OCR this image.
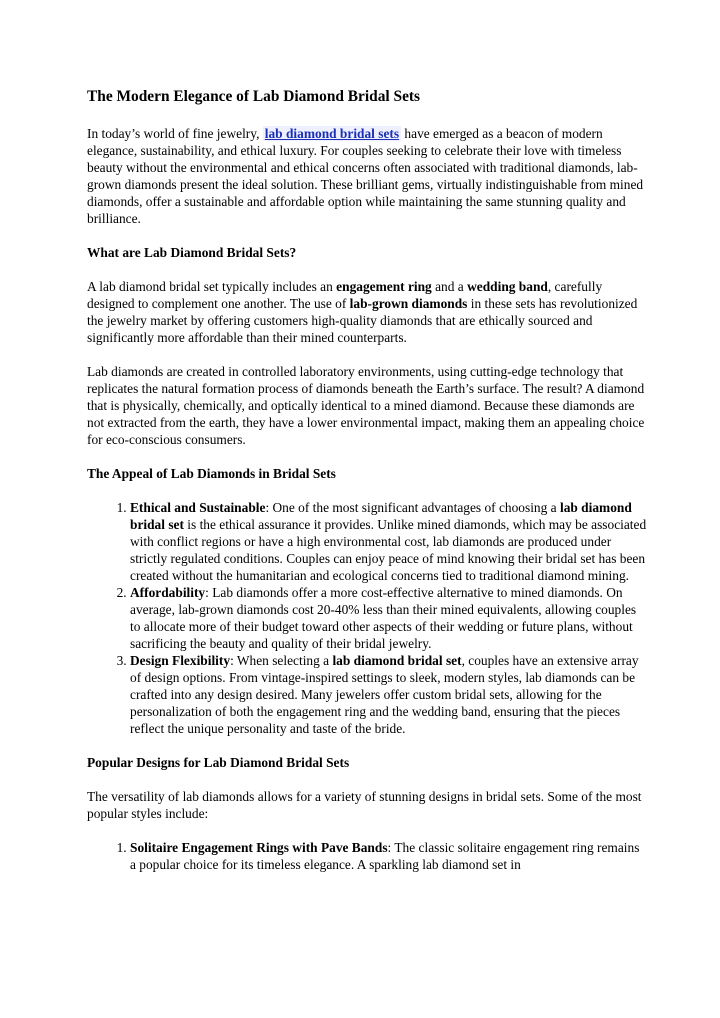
The Modern Elegance of Lab Diamond Bridal Sets

In today’s world of fine jewelry, lab diamond bridal sets have emerged as a beacon of modern elegance, sustainability, and ethical luxury. For couples seeking to celebrate their love with timeless beauty without the environmental and ethical concerns often associated with traditional diamonds, lab-grown diamonds present the ideal solution. These brilliant gems, virtually indistinguishable from mined diamonds, offer a sustainable and affordable option while maintaining the same stunning quality and brilliance.

What are Lab Diamond Bridal Sets?

A lab diamond bridal set typically includes an engagement ring and a wedding band, carefully designed to complement one another. The use of lab-grown diamonds in these sets has revolutionized the jewelry market by offering customers high-quality diamonds that are ethically sourced and significantly more affordable than their mined counterparts.

Lab diamonds are created in controlled laboratory environments, using cutting-edge technology that replicates the natural formation process of diamonds beneath the Earth’s surface. The result? A diamond that is physically, chemically, and optically identical to a mined diamond. Because these diamonds are not extracted from the earth, they have a lower environmental impact, making them an appealing choice for eco-conscious consumers.

The Appeal of Lab Diamonds in Bridal Sets
1. Ethical and Sustainable: One of the most significant advantages of choosing a lab diamond bridal set is the ethical assurance it provides. Unlike mined diamonds, which may be associated with conflict regions or have a high environmental cost, lab diamonds are produced under strictly regulated conditions. Couples can enjoy peace of mind knowing their bridal set has been created without the humanitarian and ecological concerns tied to traditional diamond mining.
2. Affordability: Lab diamonds offer a more cost-effective alternative to mined diamonds. On average, lab-grown diamonds cost 20-40% less than their mined equivalents, allowing couples to allocate more of their budget toward other aspects of their wedding or future plans, without sacrificing the beauty and quality of their bridal jewelry.
3. Design Flexibility: When selecting a lab diamond bridal set, couples have an extensive array of design options. From vintage-inspired settings to sleek, modern styles, lab diamonds can be crafted into any design desired. Many jewelers offer custom bridal sets, allowing for the personalization of both the engagement ring and the wedding band, ensuring that the pieces reflect the unique personality and taste of the bride.
Popular Designs for Lab Diamond Bridal Sets

The versatility of lab diamonds allows for a variety of stunning designs in bridal sets. Some of the most popular styles include:

1. Solitaire Engagement Rings with Pave Bands: The classic solitaire engagement ring remains a popular choice for its timeless elegance. A sparkling lab diamond set in
